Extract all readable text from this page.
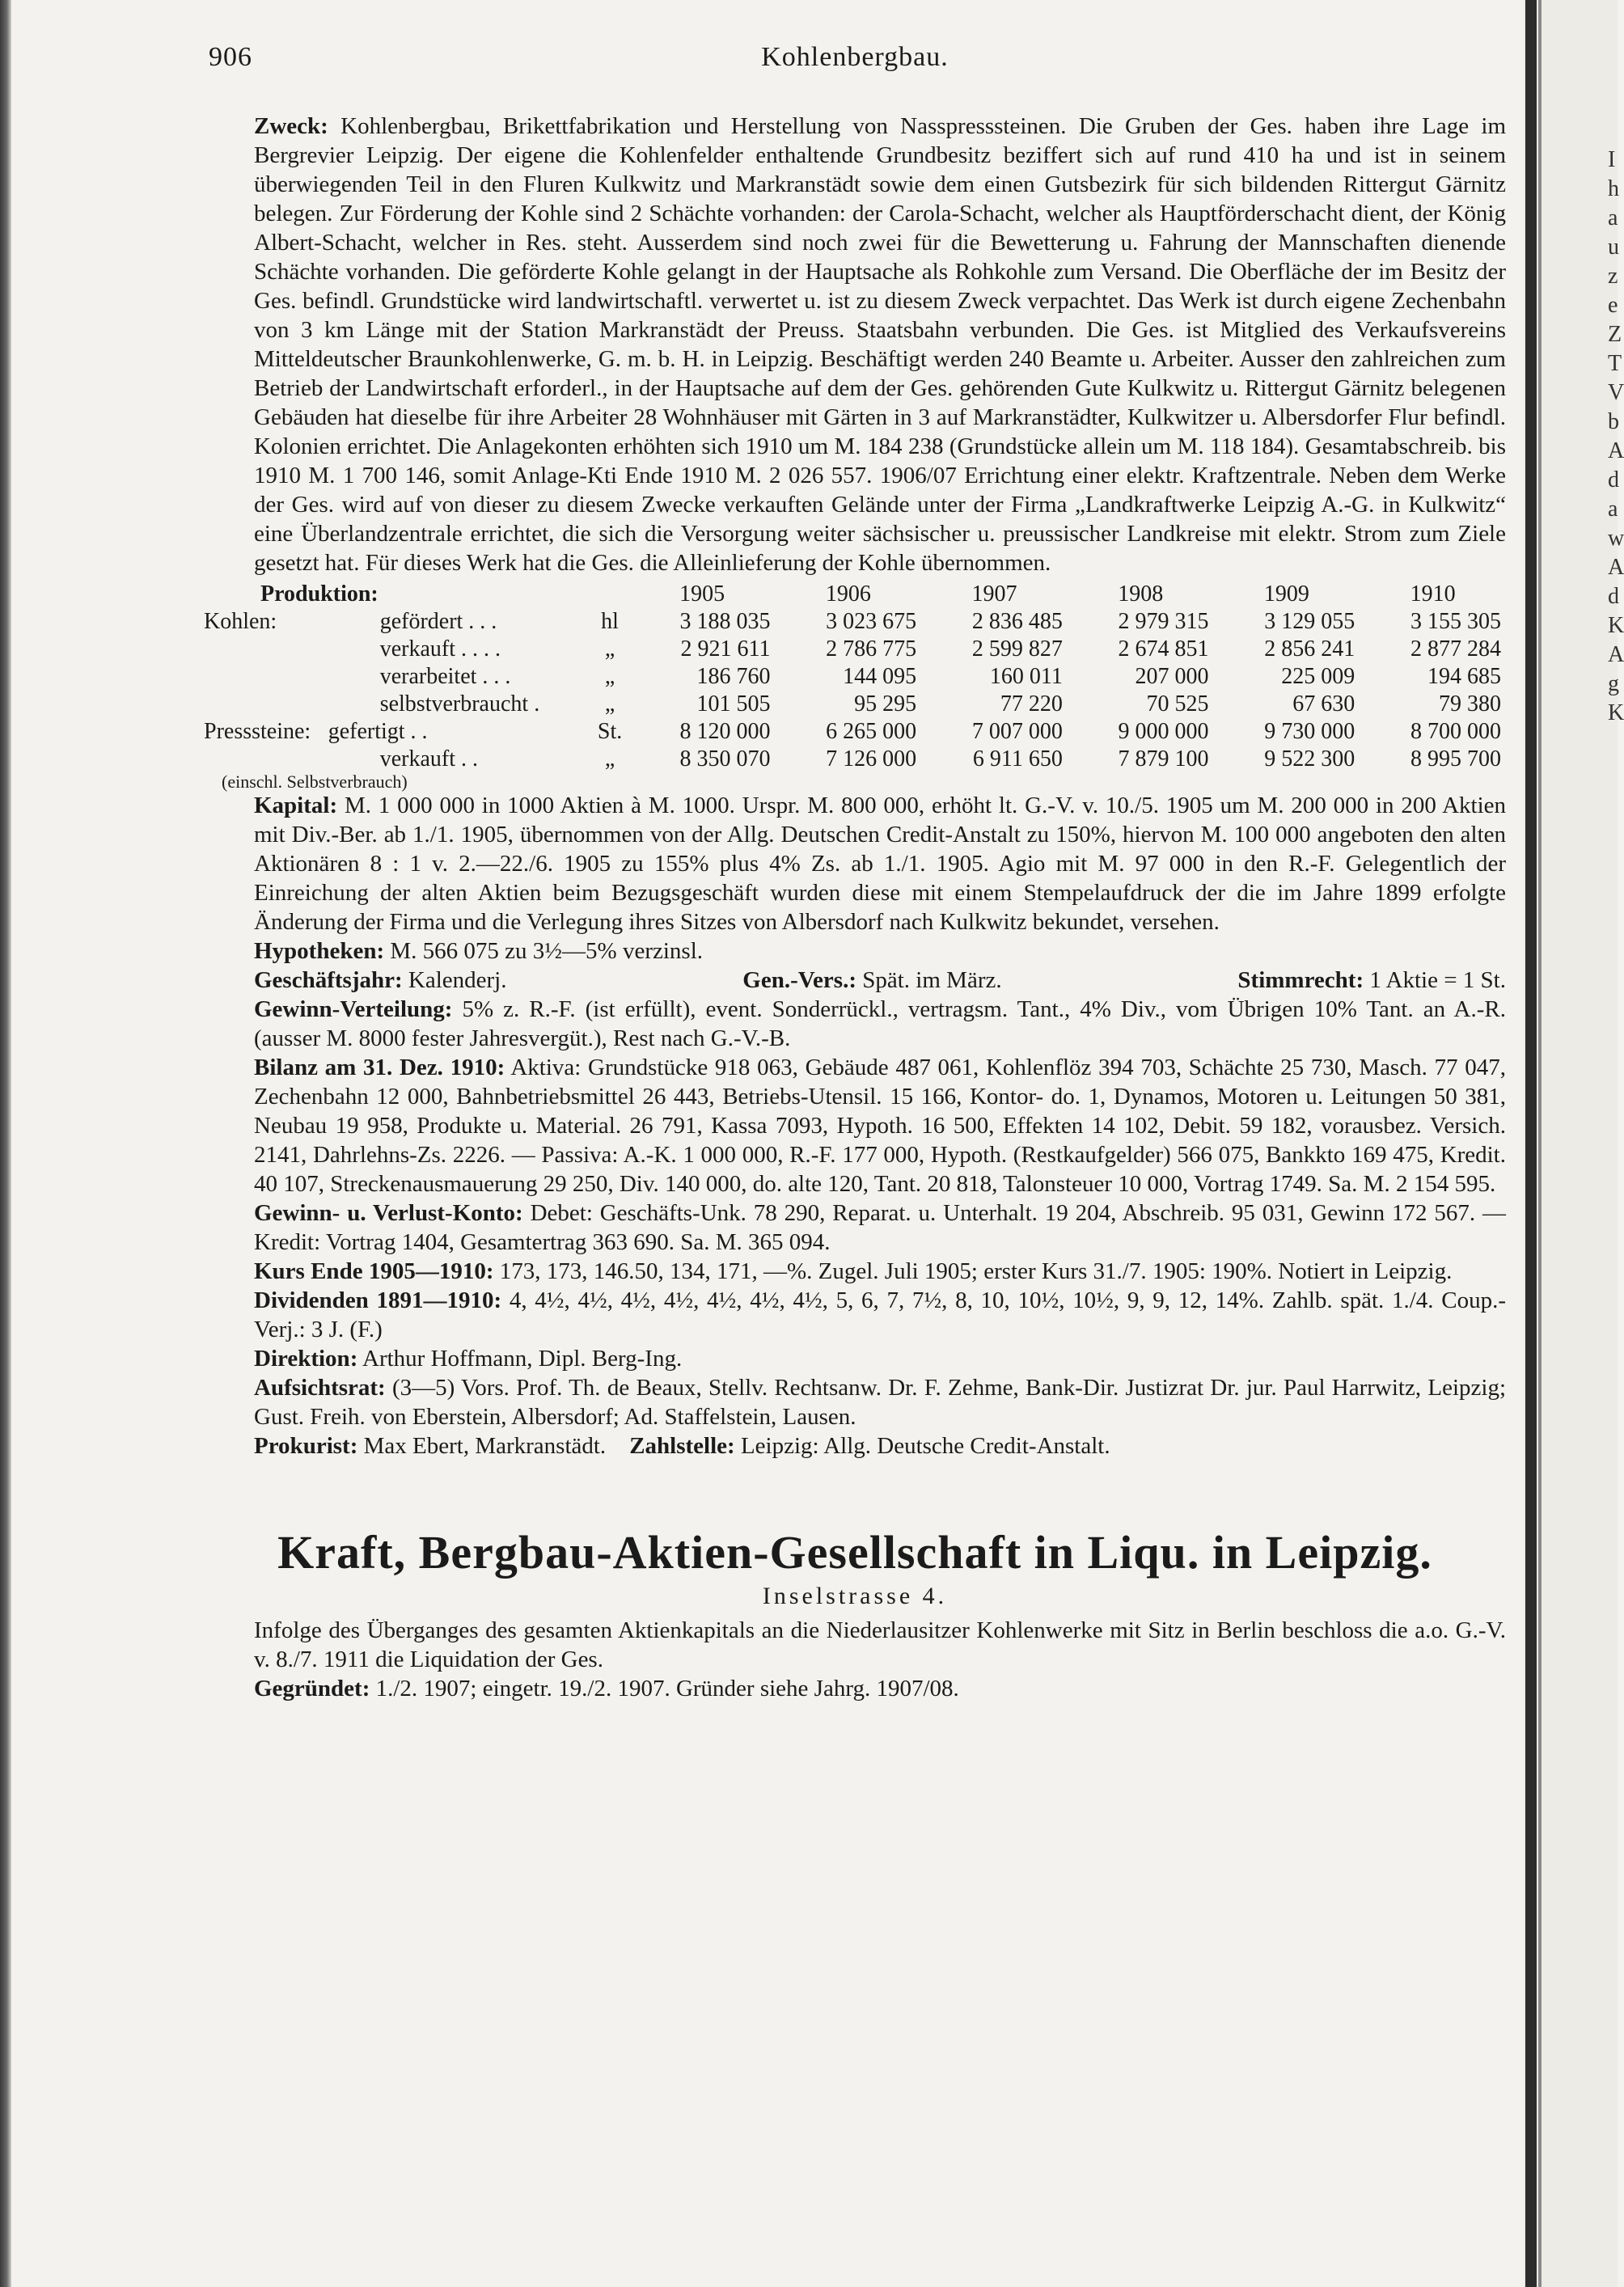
I
h
a
u
z
e
Z
T
V
b
A
d
a
w
A
d
K
A
g
K
906	Kohlenbergbau.

Zweck: Kohlenbergbau, Brikettfabrikation und Herstellung von Nasspresssteinen. Die Gruben der Ges. haben ihre Lage im Bergrevier Leipzig. Der eigene die Kohlenfelder enthaltende Grundbesitz beziffert sich auf rund 410 ha und ist in seinem überwiegenden Teil in den Fluren Kulkwitz und Markranstädt sowie dem einen Gutsbezirk für sich bildenden Rittergut Gärnitz belegen. Zur Förderung der Kohle sind 2 Schächte vorhanden: der Carola-Schacht, welcher als Hauptförderschacht dient, der König Albert-Schacht, welcher in Res. steht. Ausserdem sind noch zwei für die Bewetterung u. Fahrung der Mannschaften dienende Schächte vorhanden. Die geförderte Kohle gelangt in der Hauptsache als Rohkohle zum Versand. Die Oberfläche der im Besitz der Ges. befindl. Grundstücke wird landwirtschaftl. verwertet u. ist zu diesem Zweck verpachtet. Das Werk ist durch eigene Zechenbahn von 3 km Länge mit der Station Markranstädt der Preuss. Staatsbahn verbunden. Die Ges. ist Mitglied des Verkaufsvereins Mitteldeutscher Braunkohlenwerke, G. m. b. H. in Leipzig. Beschäftigt werden 240 Beamte u. Arbeiter. Ausser den zahlreichen zum Betrieb der Landwirtschaft erforderl., in der Hauptsache auf dem der Ges. gehörenden Gute Kulkwitz u. Rittergut Gärnitz belegenen Gebäuden hat dieselbe für ihre Arbeiter 28 Wohnhäuser mit Gärten in 3 auf Markranstädter, Kulkwitzer u. Albersdorfer Flur befindl. Kolonien errichtet. Die Anlagekonten erhöhten sich 1910 um M. 184 238 (Grundstücke allein um M. 118 184). Gesamtabschreib. bis 1910 M. 1 700 146, somit Anlage-Kti Ende 1910 M. 2 026 557. 1906/07 Errichtung einer elektr. Kraftzentrale. Neben dem Werke der Ges. wird auf von dieser zu diesem Zwecke verkauften Gelände unter der Firma „Landkraftwerke Leipzig A.-G. in Kulkwitz“ eine Überlandzentrale errichtet, die sich die Versorgung weiter sächsischer u. preussischer Landkreise mit elektr. Strom zum Ziele gesetzt hat. Für dieses Werk hat die Ges. die Alleinlieferung der Kohle übernommen.

Produktion:			1905	1906	1907	1908	1909	1910
Kohlen:	gefördert . . .	hl	3 188 035	3 023 675	2 836 485	2 979 315	3 129 055	3 155 305
	verkauft . . . .	„	2 921 611	2 786 775	2 599 827	2 674 851	2 856 241	2 877 284
	verarbeitet . . .	„	186 760	144 095	160 011	207 000	225 009	194 685
	selbstverbraucht .	„	101 505	95 295	77 220	70 525	67 630	79 380
Presssteine:	gefertigt . .	St.	8 120 000	6 265 000	7 007 000	9 000 000	9 730 000	8 700 000
	verkauft . .	„	8 350 070	7 126 000	6 911 650	7 879 100	9 522 300	8 995 700
(einschl. Selbstverbrauch)

Kapital: M. 1 000 000 in 1000 Aktien à M. 1000. Urspr. M. 800 000, erhöht lt. G.-V. v. 10./5. 1905 um M. 200 000 in 200 Aktien mit Div.-Ber. ab 1./1. 1905, übernommen von der Allg. Deutschen Credit-Anstalt zu 150%, hiervon M. 100 000 angeboten den alten Aktionären 8 : 1 v. 2.—22./6. 1905 zu 155% plus 4% Zs. ab 1./1. 1905. Agio mit M. 97 000 in den R.-F. Gelegentlich der Einreichung der alten Aktien beim Bezugsgeschäft wurden diese mit einem Stempelaufdruck der die im Jahre 1899 erfolgte Änderung der Firma und die Verlegung ihres Sitzes von Albersdorf nach Kulkwitz bekundet, versehen.

Hypotheken: M. 566 075 zu 3½—5% verzinsl.

Geschäftsjahr: Kalenderj.	Gen.-Vers.: Spät. im März.	Stimmrecht: 1 Aktie = 1 St.

Gewinn-Verteilung: 5% z. R.-F. (ist erfüllt), event. Sonderrückl., vertragsm. Tant., 4% Div., vom Übrigen 10% Tant. an A.-R. (ausser M. 8000 fester Jahresvergüt.), Rest nach G.-V.-B.

Bilanz am 31. Dez. 1910: Aktiva: Grundstücke 918 063, Gebäude 487 061, Kohlenflöz 394 703, Schächte 25 730, Masch. 77 047, Zechenbahn 12 000, Bahnbetriebsmittel 26 443, Betriebs-Utensil. 15 166, Kontor- do. 1, Dynamos, Motoren u. Leitungen 50 381, Neubau 19 958, Produkte u. Material. 26 791, Kassa 7093, Hypoth. 16 500, Effekten 14 102, Debit. 59 182, vorausbez. Versich. 2141, Dahrlehns-Zs. 2226. — Passiva: A.-K. 1 000 000, R.-F. 177 000, Hypoth. (Restkaufgelder) 566 075, Bankkto 169 475, Kredit. 40 107, Streckenausmauerung 29 250, Div. 140 000, do. alte 120, Tant. 20 818, Talonsteuer 10 000, Vortrag 1749. Sa. M. 2 154 595.

Gewinn- u. Verlust-Konto: Debet: Geschäfts-Unk. 78 290, Reparat. u. Unterhalt. 19 204, Abschreib. 95 031, Gewinn 172 567. — Kredit: Vortrag 1404, Gesamtertrag 363 690. Sa. M. 365 094.

Kurs Ende 1905—1910: 173, 173, 146.50, 134, 171, —%. Zugel. Juli 1905; erster Kurs 31./7. 1905: 190%. Notiert in Leipzig.

Dividenden 1891—1910: 4, 4½, 4½, 4½, 4½, 4½, 4½, 4½, 5, 6, 7, 7½, 8, 10, 10½, 10½, 9, 9, 12, 14%. Zahlb. spät. 1./4. Coup.-Verj.: 3 J. (F.)

Direktion: Arthur Hoffmann, Dipl. Berg-Ing.

Aufsichtsrat: (3—5) Vors. Prof. Th. de Beaux, Stellv. Rechtsanw. Dr. F. Zehme, Bank-Dir. Justizrat Dr. jur. Paul Harrwitz, Leipzig; Gust. Freih. von Eberstein, Albersdorf; Ad. Staffelstein, Lausen.

Prokurist: Max Ebert, Markranstädt. Zahlstelle: Leipzig: Allg. Deutsche Credit-Anstalt.

Kraft, Bergbau-Aktien-Gesellschaft in Liqu. in Leipzig.
Inselstrasse 4.

Infolge des Überganges des gesamten Aktienkapitals an die Niederlausitzer Kohlenwerke mit Sitz in Berlin beschloss die a.o. G.-V. v. 8./7. 1911 die Liquidation der Ges.

Gegründet: 1./2. 1907; eingetr. 19./2. 1907. Gründer siehe Jahrg. 1907/08.
